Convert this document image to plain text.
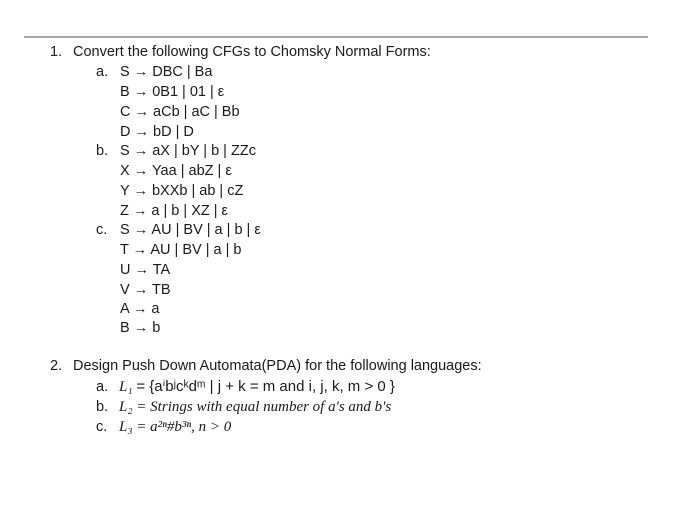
1. Convert the following CFGs to Chomsky Normal Forms:
a. S → DBC | Ba
B → 0B1 | 01 | ε
C → aCb | aC | Bb
D → bD | D
b. S → aX | bY | b | ZZc
X → Yaa | abZ | ε
Y → bXXb | ab | cZ
Z → a | b | XZ | ε
c. S → AU | BV | a | b | ε
T → AU | BV | a | b
U → TA
V → TB
A → a
B → b
2. Design Push Down Automata(PDA) for the following languages:
a. L₁ = {aⁱbʲcᵏdᵐ | j + k = m and i, j, k, m > 0 }
b. L₂ = Strings with equal number of a's and b's
c. L₃ = a²ⁿ#b³ⁿ, n > 0
